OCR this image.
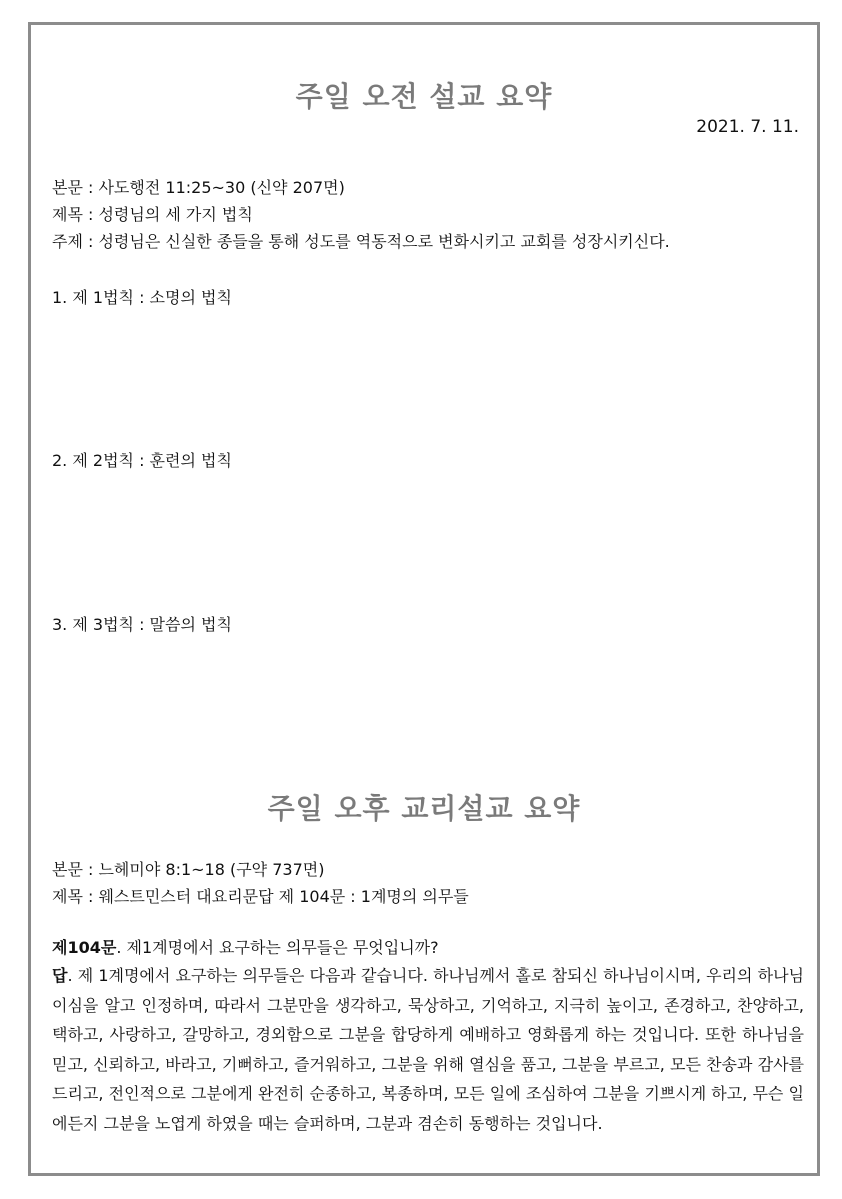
주일 오전 설교 요약
2021. 7. 11.

본문 : 사도행전 11:25~30 (신약 207면)

제목 : 성령님의 세 가지 법칙

주제 : 성령님은 신실한 종들을 통해 성도를 역동적으로 변화시키고 교회를 성장시키신다.

1. 제 1법칙 : 소명의 법칙

2. 제 2법칙 : 훈련의 법칙

3. 제 3법칙 : 말씀의 법칙

주일 오후 교리설교 요약

본문 : 느헤미야 8:1~18 (구약 737면)

제목 : 웨스트민스터 대요리문답 제 104문 : 1계명의 의무들

제104문. 제1계명에서 요구하는 의무들은 무엇입니까?

답. 제 1계명에서 요구하는 의무들은 다음과 같습니다. 하나님께서 홀로 참되신 하나님이시며, 우리의 하나님이심을 알고 인정하며, 따라서 그분만을 생각하고, 묵상하고, 기억하고, 지극히 높이고, 존경하고, 찬양하고, 택하고, 사랑하고, 갈망하고, 경외함으로 그분을 합당하게 예배하고 영화롭게 하는 것입니다. 또한 하나님을 믿고, 신뢰하고, 바라고, 기뻐하고, 즐거워하고, 그분을 위해 열심을 품고, 그분을 부르고, 모든 찬송과 감사를 드리고, 전인적으로 그분에게 완전히 순종하고, 복종하며, 모든 일에 조심하여 그분을 기쁘시게 하고, 무슨 일에든지 그분을 노엽게 하였을 때는 슬퍼하며, 그분과 겸손히 동행하는 것입니다.
